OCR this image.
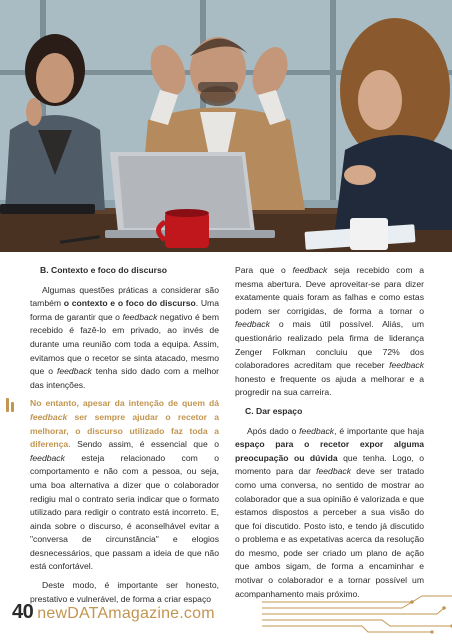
B. Contexto e foco do discurso

Algumas questões práticas a considerar são também o contexto e o foco do discurso. Uma forma de garantir que o feedback negativo é bem recebido é fazê-lo em privado, ao invés de durante uma reunião com toda a equipa. Assim, evitamos que o recetor se sinta atacado, mesmo que o feedback tenha sido dado com a melhor das intenções.

No entanto, apesar da intenção de quem dá feedback ser sempre ajudar o recetor a melhorar, o discurso utilizado faz toda a diferença. Sendo assim, é essencial que o feedback esteja relacionado com o comportamento e não com a pessoa, ou seja, uma boa alternativa a dizer que o colaborador redigiu mal o contrato seria indicar que o formato utilizado para redigir o contrato está incorreto. E, ainda sobre o discurso, é aconselhável evitar a "conversa de circunstância" e elogios desnecessários, que passam a ideia de que não está confortável.

Deste modo, é importante ser honesto, prestativo e vulnerável, de forma a criar espaço

Para que o feedback seja recebido com a mesma abertura. Deve aproveitar-se para dizer exatamente quais foram as falhas e como estas podem ser corrigidas, de forma a tornar o feedback o mais útil possível. Aliás, um questionário realizado pela firma de liderança Zenger Folkman concluiu que 72% dos colaboradores acreditam que receber feedback honesto e frequente os ajuda a melhorar e a progredir na sua carreira.

C. Dar espaço

Após dado o feedback, é importante que haja espaço para o recetor expor alguma preocupação ou dúvida que tenha. Logo, o momento para dar feedback deve ser tratado como uma conversa, no sentido de mostrar ao colaborador que a sua opinião é valorizada e que estamos dispostos a perceber a sua visão do que foi discutido. Posto isto, e tendo já discutido o problema e as expetativas acerca da resolução do mesmo, pode ser criado um plano de ação que ambos sigam, de forma a encaminhar e motivar o colaborador e a tornar possível um acompanhamento mais próximo.

40 newDATAmagazine.com
